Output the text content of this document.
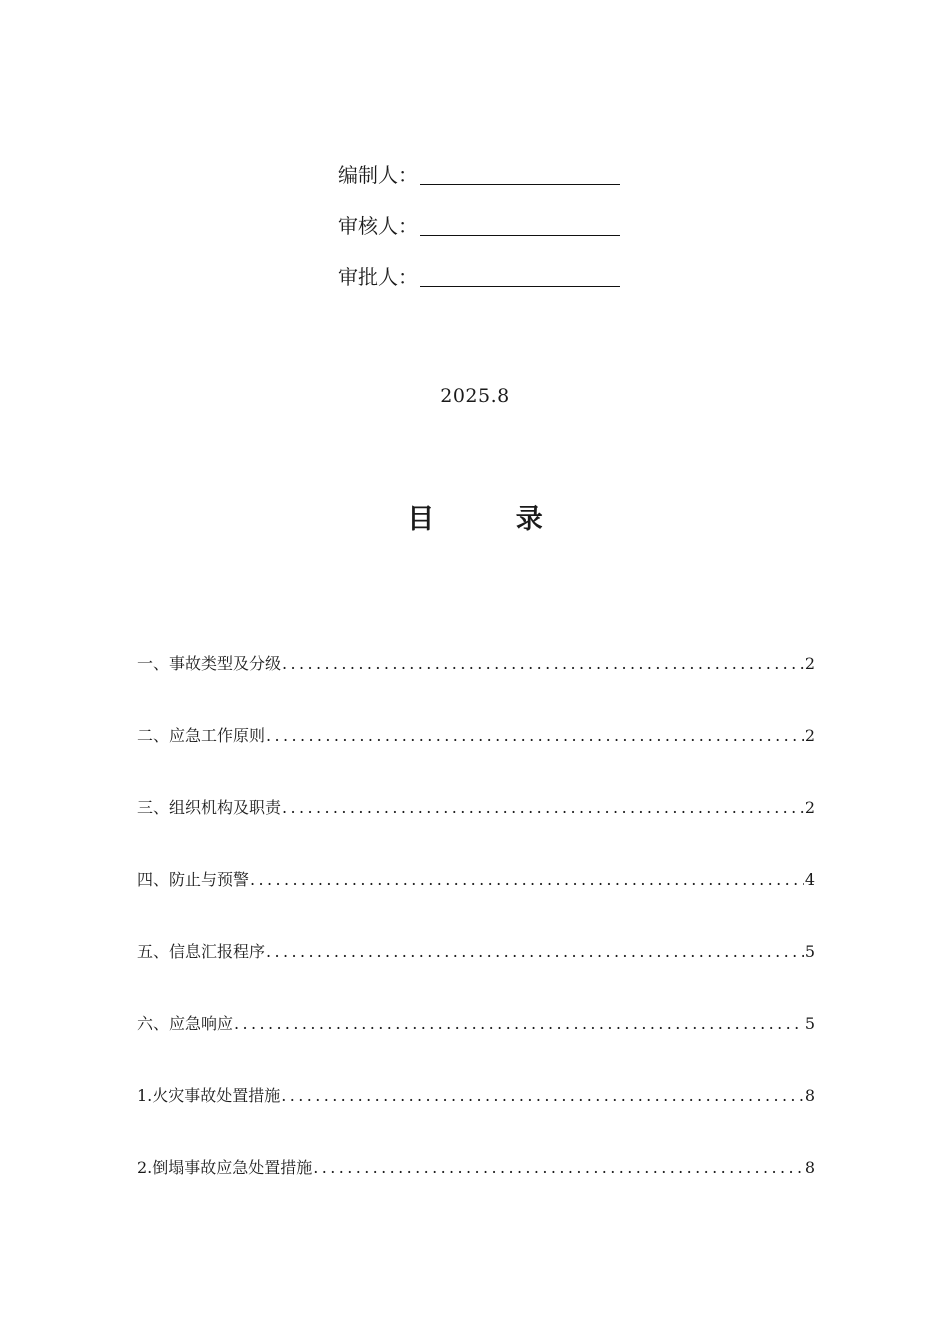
编制人：
审核人：
审批人：
2025.8
目 录
一、事故类型及分级 .....	2
二、应急工作原则 .....	2
三、组织机构及职责 .....	2
四、防止与预警 .....	4
五、信息汇报程序 .....	5
六、应急响应 .....	5
1.火灾事故处置措施 .....	8
2.倒塌事故应急处置措施 .....	8
